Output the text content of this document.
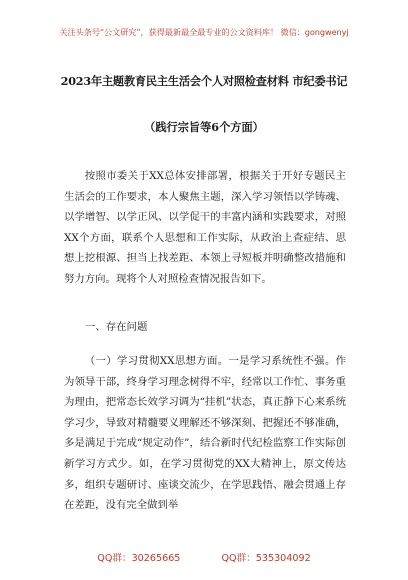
关注头条号“公文研究”，获得最新最全最专业的公文资料库！ 微信：gongwenyj
2023年主题教育民主生活会个人对照检查材料 市纪委书记
（践行宗旨等6个方面）
按照市委关于XX总体安排部署，根据关于开好专题民主生活会的工作要求，本人聚焦主题，深入学习领悟以学铸魂、以学增智、以学正风、以学促干的丰富内涵和实践要求，对照XX个方面，联系个人思想和工作实际，从政治上查症结、思想上挖根源、担当上找差距、本领上寻短板并明确整改措施和努力方向。现将个人对照检查情况报告如下。
一、存在问题
（一）学习贯彻XX思想方面。一是学习系统性不强。作为领导干部，终身学习理念树得不牢，经常以工作忙、事务重为理由，把常态长效学习调为“挂机”状态，真正静下心来系统学习少，导致对精髓要义理解还不够深刻、把握还不够准确，多是满足于完成“规定动作”，结合新时代纪检监察工作实际创新学习方式少。如，在学习贯彻党的XX大精神上，原文传达多，组织专题研讨、座谈交流少，在学思践悟、融会贯通上存在差距，没有完全做到举
QQ群：30265665	QQ群：535304092
